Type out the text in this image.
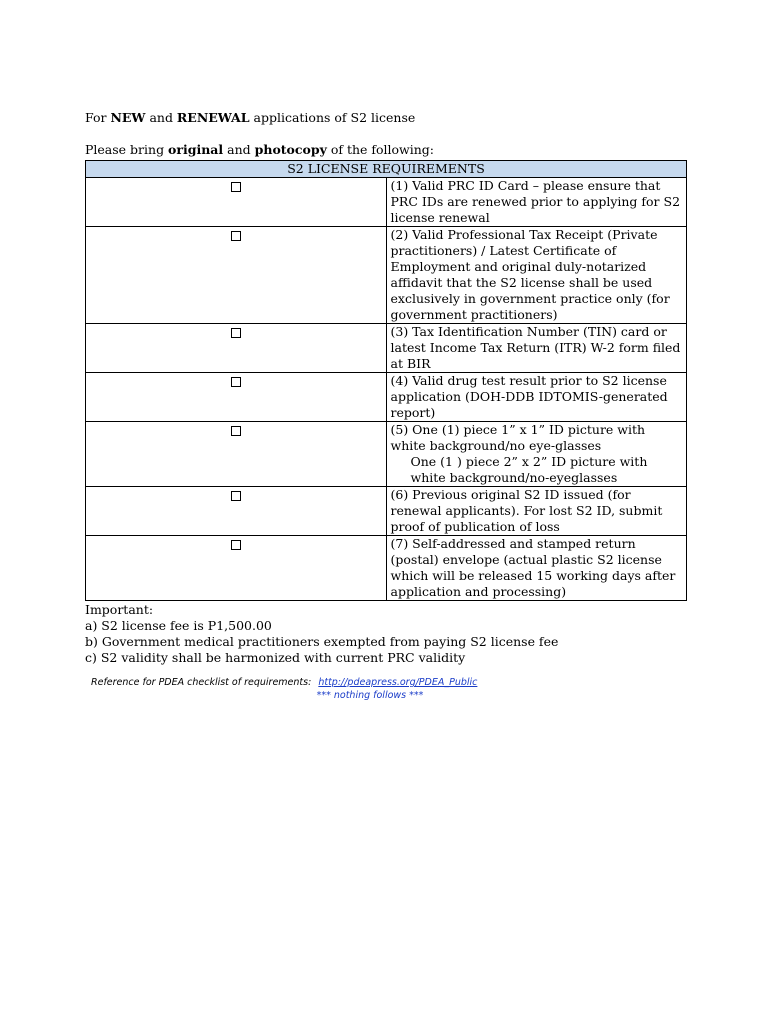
For NEW and RENEWAL applications of S2 license

Please bring original and photocopy of the following:

S2 LICENSE REQUIREMENTS	
	(1) Valid PRC ID Card – please ensure that PRC IDs are renewed prior to applying for S2 license renewal
	(2) Valid Professional Tax Receipt (Private practitioners) / Latest Certificate of Employment and original duly-notarized affidavit that the S2 license shall be used exclusively in government practice only (for government practitioners)
	(3) Tax Identification Number (TIN) card or latest Income Tax Return (ITR) W-2 form filed at BIR
	(4) Valid drug test result prior to S2 license application (DOH-DDB IDTOMIS-generated report)

	(5) One (1) piece 1” x 1” ID picture with white background/no eye-glasses
One (1 ) piece 2” x 2” ID picture with white background/no-eyeglasses

	(6) Previous original S2 ID issued (for renewal applicants). For lost S2 ID, submit proof of publication of loss
	(7) Self-addressed and stamped return (postal) envelope (actual plastic S2 license which will be released 15 working days after application and processing)

Important:

a) S2 license fee is P1,500.00

b) Government medical practitioners exempted from paying S2 license fee

c) S2 validity shall be harmonized with current PRC validity

Reference for PDEA checklist of requirements: http://pdeapress.org/PDEA_Public
*** nothing follows ***
